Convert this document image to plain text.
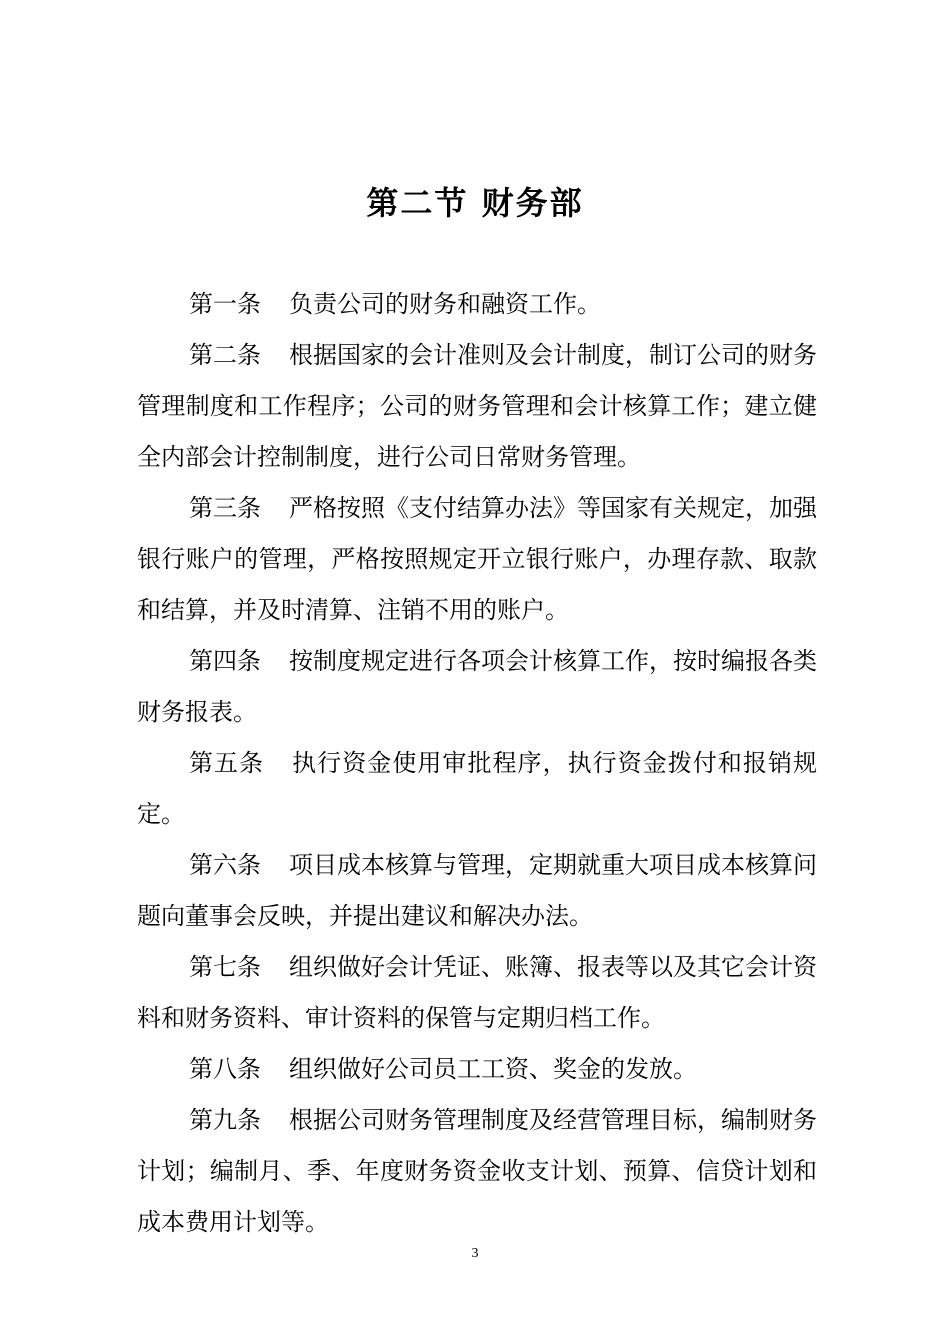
第二节 财务部

第一条 负责公司的财务和融资工作。

第二条 根据国家的会计准则及会计制度，制订公司的财务管理制度和工作程序；公司的财务管理和会计核算工作；建立健全内部会计控制制度，进行公司日常财务管理。

第三条 严格按照《支付结算办法》等国家有关规定，加强银行账户的管理，严格按照规定开立银行账户，办理存款、取款和结算，并及时清算、注销不用的账户。

第四条 按制度规定进行各项会计核算工作，按时编报各类财务报表。

第五条 执行资金使用审批程序，执行资金拨付和报销规定。

第六条 项目成本核算与管理，定期就重大项目成本核算问题向董事会反映，并提出建议和解决办法。

第七条 组织做好会计凭证、账簿、报表等以及其它会计资料和财务资料、审计资料的保管与定期归档工作。

第八条 组织做好公司员工工资、奖金的发放。

第九条 根据公司财务管理制度及经营管理目标，编制财务计划；编制月、季、年度财务资金收支计划、预算、信贷计划和成本费用计划等。

3
